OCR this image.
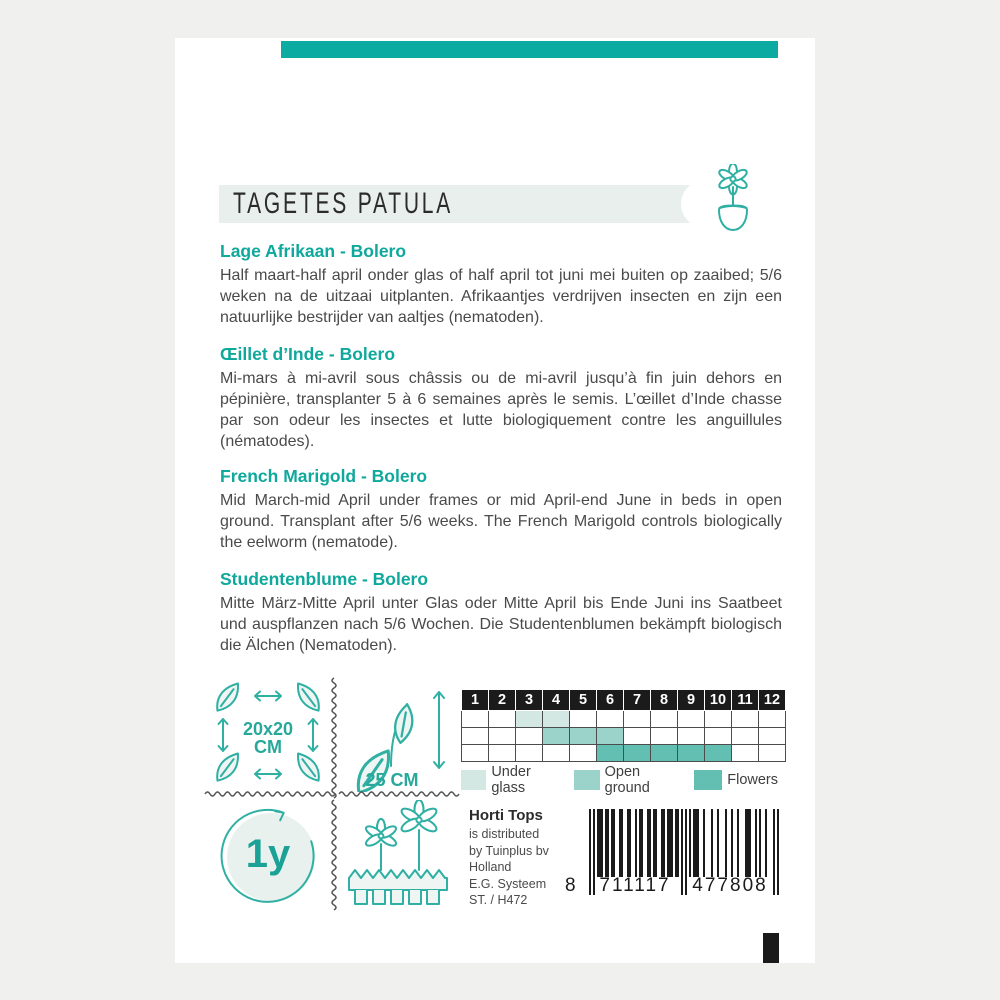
TAGETES PATULA
Lage Afrikaan - Bolero

Half maart-half april onder glas of half april tot juni mei buiten op zaaibed; 5/6 weken na de uitzaai uitplanten. Afrikaantjes verdrijven insecten en zijn een natuurlijke bestrijder van aaltjes (nematoden).

Œillet d’Inde - Bolero

Mi-mars à mi-avril sous châssis ou de mi-avril jusqu’à fin juin dehors en pépinière, transplanter 5 à 6 semaines après le semis. L’œillet d’Inde chasse par son odeur les insectes et lutte biologiquement contre les anguillules (nématodes).

French Marigold - Bolero

Mid March-mid April under frames or mid April-end June in beds in open ground. Transplant after 5/6 weeks. The French Marigold controls biologically the eelworm (nematode).

Studentenblume - Bolero

Mitte März-Mitte April unter Glas oder Mitte April bis Ende Juni ins Saatbeet und auspflanzen nach 5/6 Wochen. Die Studentenblumen bekämpft biologisch die Älchen (Nematoden).

20x20
CM
25 CM
1y
1	2	3	4	5	6	7	8	9	10	11	12

Under glass
Open ground	Flowers
Horti Tops
is distributed
by Tuinplus bv
Holland
E.G. Systeem
ST. / H472
8	711117	477808
